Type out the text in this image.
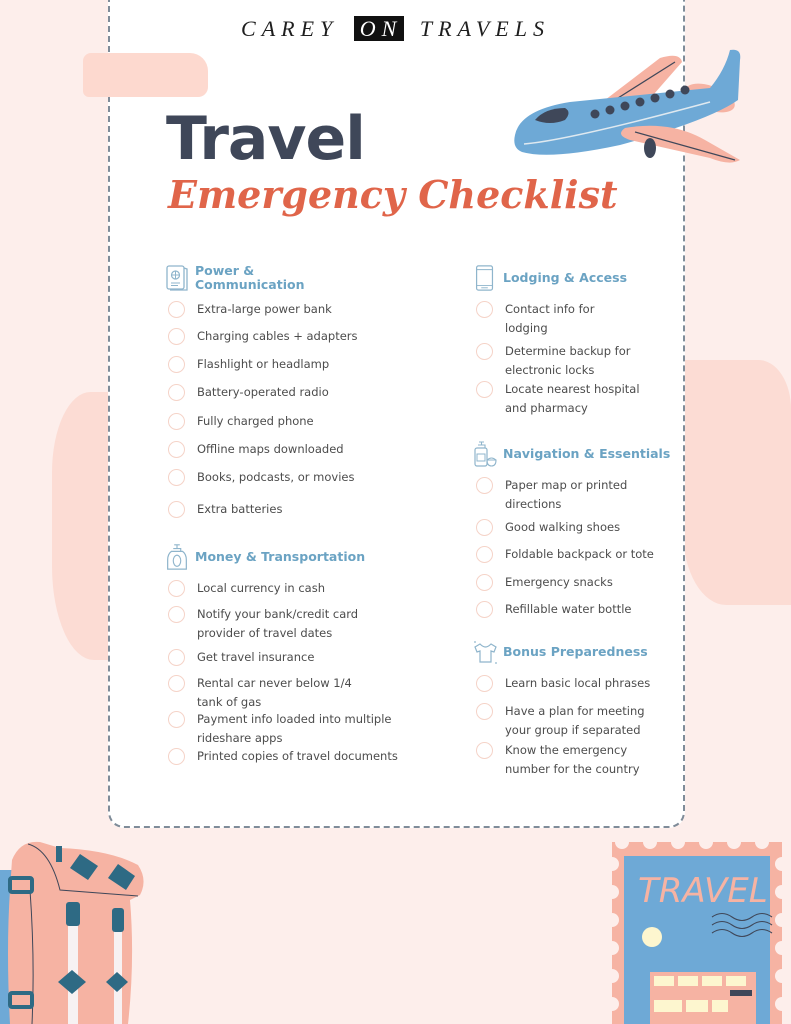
CAREY ON TRAVELS
Travel
Emergency Checklist
Power &
Communication
Extra-large power bank
Charging cables + adapters
Flashlight or headlamp
Battery-operated radio
Fully charged phone
Offline maps downloaded
Books, podcasts, or movies
Extra batteries
Money & Transportation
Local currency in cash
Notify your bank/credit card
provider of travel dates
Get travel insurance
Rental car never below 1/4
tank of gas
Payment info loaded into multiple
rideshare apps
Printed copies of travel documents
Lodging & Access
Contact info for
lodging
Determine backup for
electronic locks
Locate nearest hospital
and pharmacy
Navigation & Essentials
Paper map or printed
directions
Good walking shoes
Foldable backpack or tote
Emergency snacks
Refillable water bottle
Bonus Preparedness
Learn basic local phrases
Have a plan for meeting
your group if separated
Know the emergency
number for the country
TRAVEL
